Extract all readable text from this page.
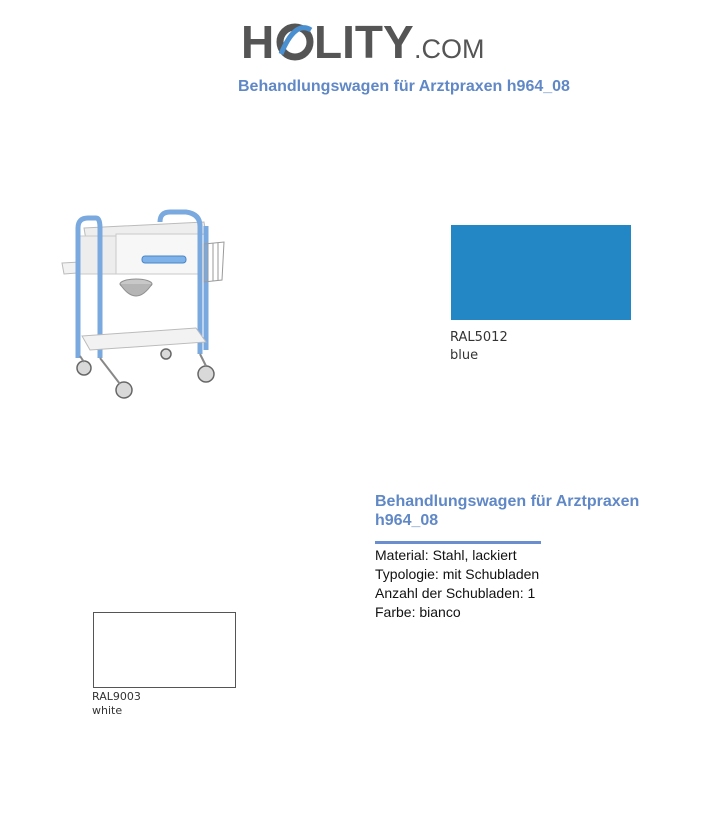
H LITY .COM
Behandlungswagen für Arztpraxen h964_08
RAL5012
blue
Behandlungswagen für Arztpraxen h964_08
Material: Stahl, lackiert
Typologie: mit Schubladen
Anzahl der Schubladen: 1
Farbe: bianco
RAL9003
white
